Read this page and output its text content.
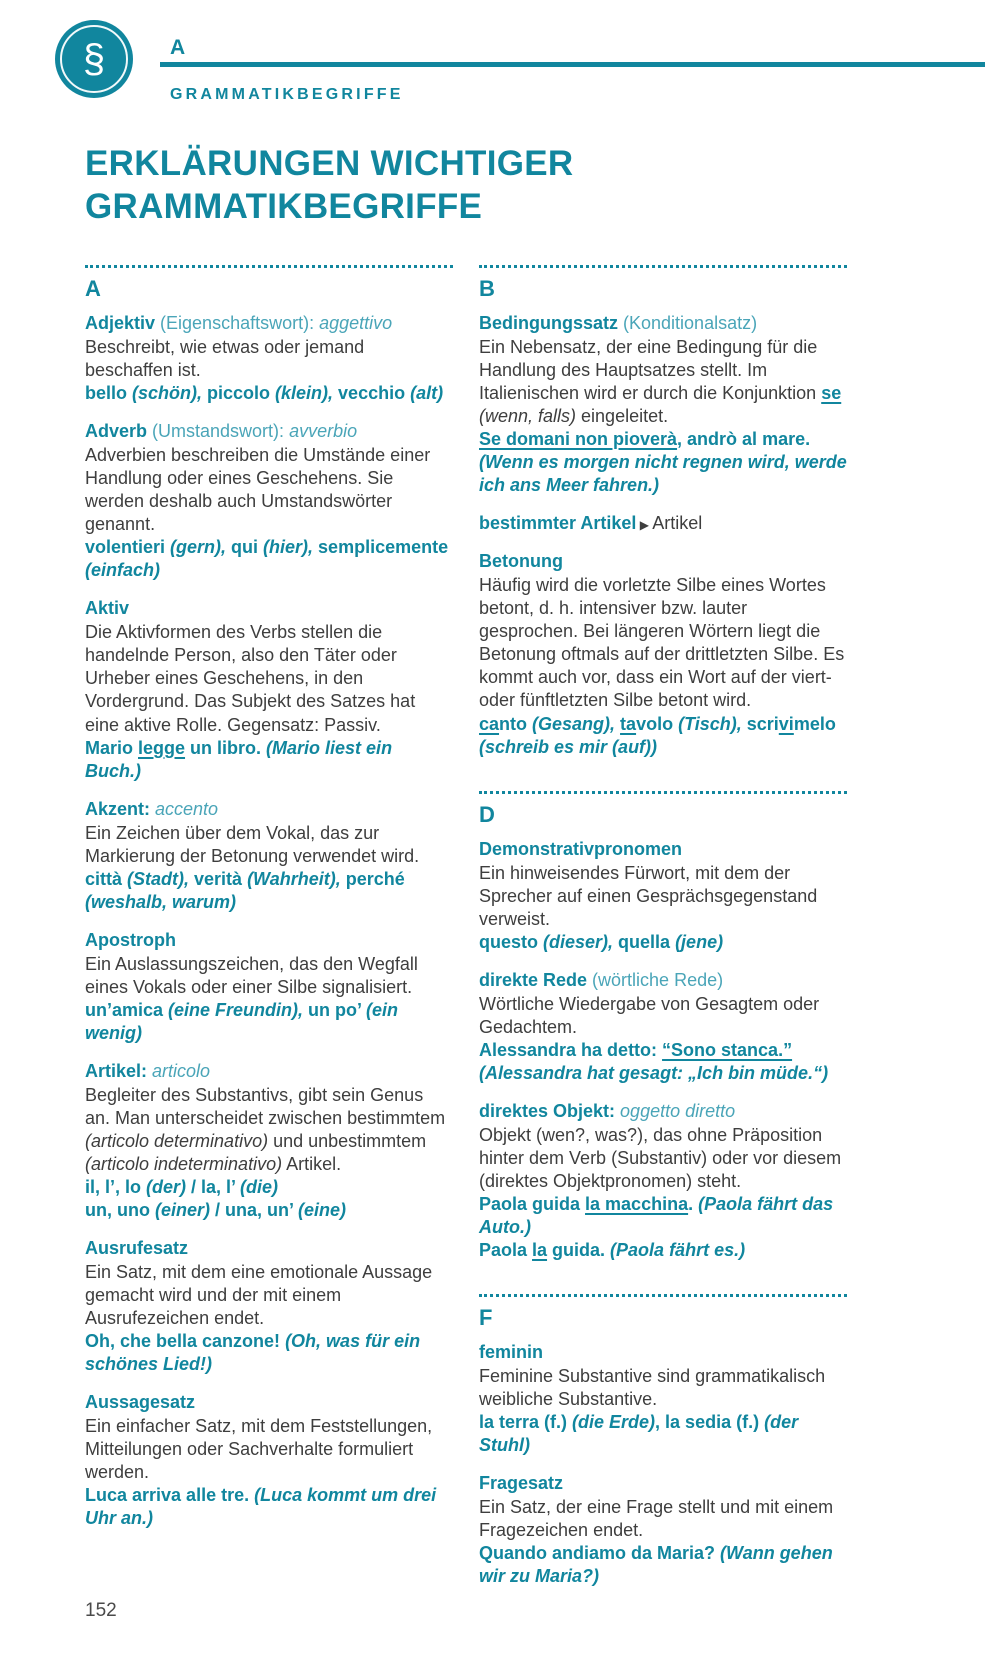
§	A
GRAMMATIKBEGRIFFE
ERKLÄRUNGEN WICHTIGER
GRAMMATIKBEGRIFFE
A

Adjektiv (Eigenschaftswort): aggettivo

Beschreibt, wie etwas oder jemand beschaffen ist.

bello (schön), piccolo (klein), vecchio (alt)

Adverb (Umstandswort): avverbio

Adverbien beschreiben die Umstände einer Handlung oder eines Geschehens. Sie werden deshalb auch Umstandswörter genannt.

volentieri (gern), qui (hier), semplicemente (einfach)

Aktiv

Die Aktivformen des Verbs stellen die handelnde Person, also den Täter oder Urheber eines Geschehens, in den Vordergrund. Das Subjekt des Satzes hat eine aktive Rolle. Gegensatz: Passiv.

Mario legge un libro. (Mario liest ein Buch.)

Akzent: accento

Ein Zeichen über dem Vokal, das zur Markierung der Betonung verwendet wird.

città (Stadt), verità (Wahrheit), perché (weshalb, warum)

Apostroph

Ein Auslassungszeichen, das den Wegfall eines Vokals oder einer Silbe signalisiert.

un’amica (eine Freundin), un po’ (ein wenig)

Artikel: articolo

Begleiter des Substantivs, gibt sein Genus an. Man unterscheidet zwischen bestimmtem (articolo determinativo) und unbestimmtem (articolo indeterminativo) Artikel.

il, l’, lo (der) / la, l’ (die)

un, uno (einer) / una, un’ (eine)

Ausrufesatz

Ein Satz, mit dem eine emotionale Aussage gemacht wird und der mit einem Ausrufezeichen endet.

Oh, che bella canzone! (Oh, was für ein schönes Lied!)

Aussagesatz

Ein einfacher Satz, mit dem Feststellungen, Mitteilungen oder Sachverhalte formuliert werden.

Luca arriva alle tre. (Luca kommt um drei Uhr an.)

B

Bedingungssatz (Konditionalsatz)

Ein Nebensatz, der eine Bedingung für die Handlung des Hauptsatzes stellt. Im Italienischen wird er durch die Konjunktion se (wenn, falls) eingeleitet.

Se domani non pioverà, andrò al mare. (Wenn es morgen nicht regnen wird, werde ich ans Meer fahren.)

bestimmter Artikel ▶ Artikel

Betonung

Häufig wird die vorletzte Silbe eines Wortes betont, d. h. intensiver bzw. lauter gesprochen. Bei längeren Wörtern liegt die Betonung oftmals auf der drittletzten Silbe. Es kommt auch vor, dass ein Wort auf der viert-oder fünftletzten Silbe betont wird.

canto (Gesang), tavolo (Tisch), scrivimelo (schreib es mir (auf))

D

Demonstrativpronomen

Ein hinweisendes Fürwort, mit dem der Sprecher auf einen Gesprächsgegenstand verweist.

questo (dieser), quella (jene)

direkte Rede (wörtliche Rede)

Wörtliche Wiedergabe von Gesagtem oder Gedachtem.

Alessandra ha detto: “Sono stanca.” (Alessandra hat gesagt: „Ich bin müde.“)

direktes Objekt: oggetto diretto

Objekt (wen?, was?), das ohne Präposition hinter dem Verb (Substantiv) oder vor diesem (direktes Objektpronomen) steht.

Paola guida la macchina. (Paola fährt das Auto.)

Paola la guida. (Paola fährt es.)

F

feminin

Feminine Substantive sind grammatikalisch weibliche Substantive.

la terra (f.) (die Erde), la sedia (f.) (der Stuhl)

Fragesatz

Ein Satz, der eine Frage stellt und mit einem Fragezeichen endet.

Quando andiamo da Maria? (Wann gehen wir zu Maria?)

152
